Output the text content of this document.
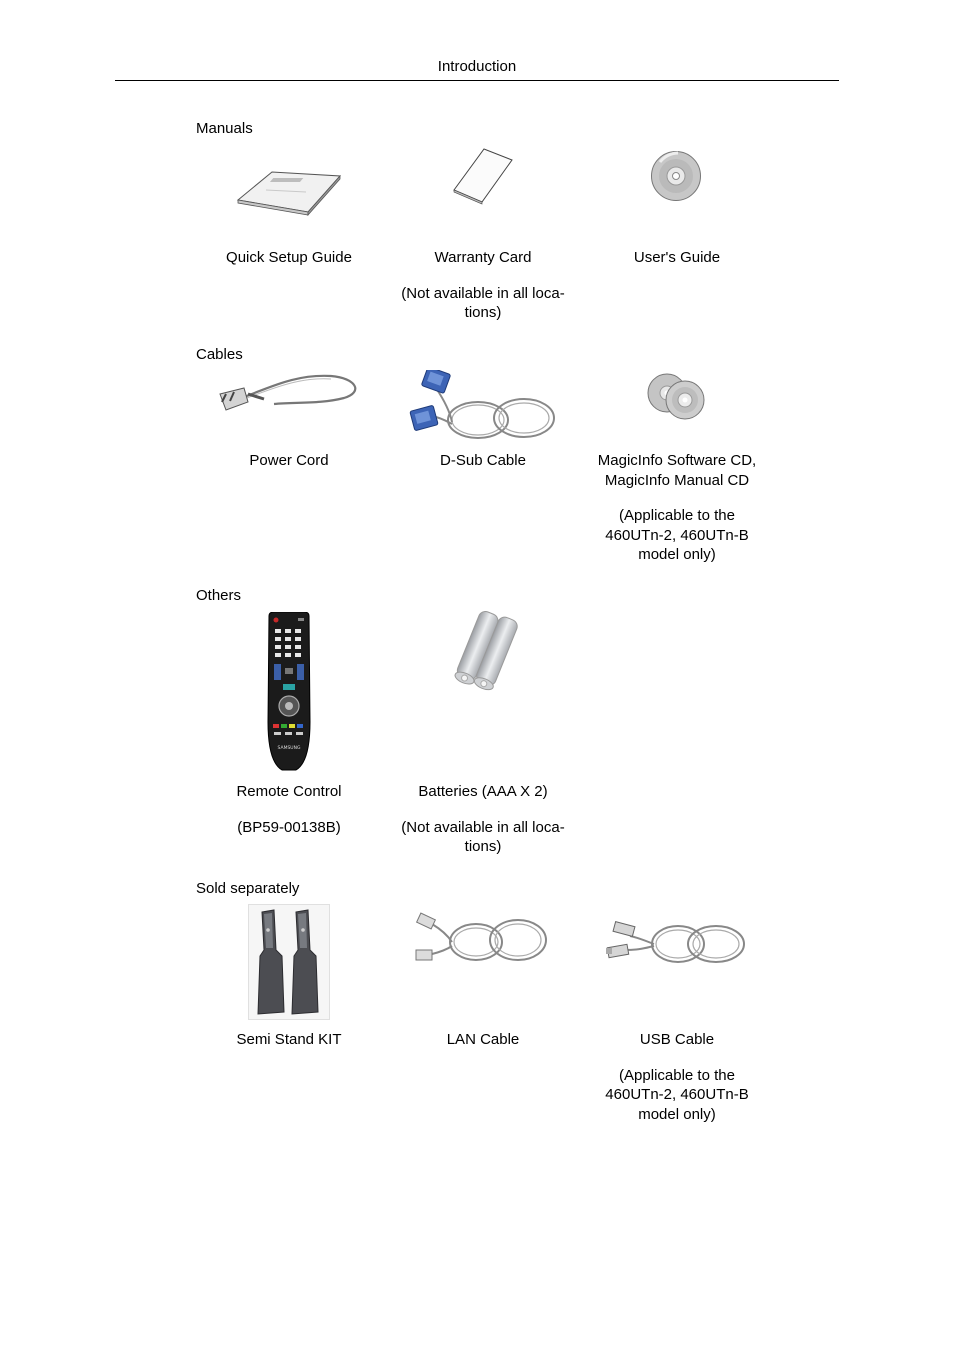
Introduction
Manuals

Quick Setup Guide	Warranty Card

(Not available in all loca-
tions)

User's Guide

Cables

Power Cord	D-Sub Cable	MagicInfo Software CD,
MagicInfo Manual CD

(Applicable to the
460UTn-2, 460UTn-B
model only)

Others
SAMSUNG

Remote Control

(BP59-00138B)

Batteries (AAA X 2)

(Not available in all loca-
tions)

Sold separately

Semi Stand KIT	LAN Cable	USB Cable

(Applicable to the
460UTn-2, 460UTn-B
model only)
